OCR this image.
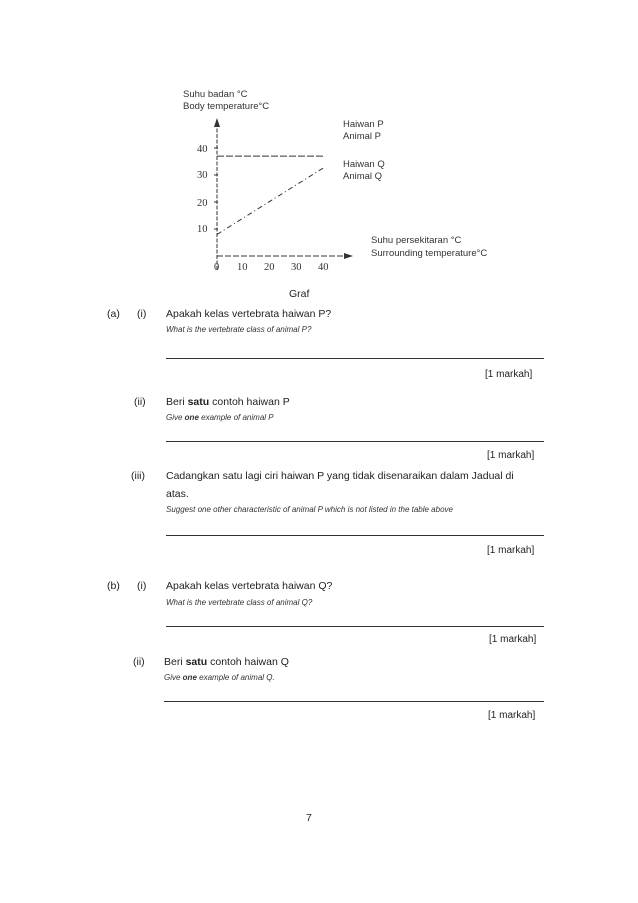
Suhu badan °C
Body temperature°C
40
30
20
10
0 10 20 30 40
Haiwan P
Animal P
Haiwan Q
Animal Q
Suhu persekitaran °C
Surrounding temperature°C
Graf
(a) (i) Apakah kelas vertebrata haiwan P?
What is the vertebrate class of animal P?
[1 markah]
(ii) Beri satu contoh haiwan P
Give one example of animal P
[1 markah]
(iii) Cadangkan satu lagi ciri haiwan P yang tidak disenaraikan dalam Jadual di
atas.
Suggest one other characteristic of animal P which is not listed in the table above
[1 markah]
(b) (i) Apakah kelas vertebrata haiwan Q?
What is the vertebrate class of animal Q?
[1 markah]
(ii) Beri satu contoh haiwan Q
Give one example of animal Q.
[1 markah]
7
